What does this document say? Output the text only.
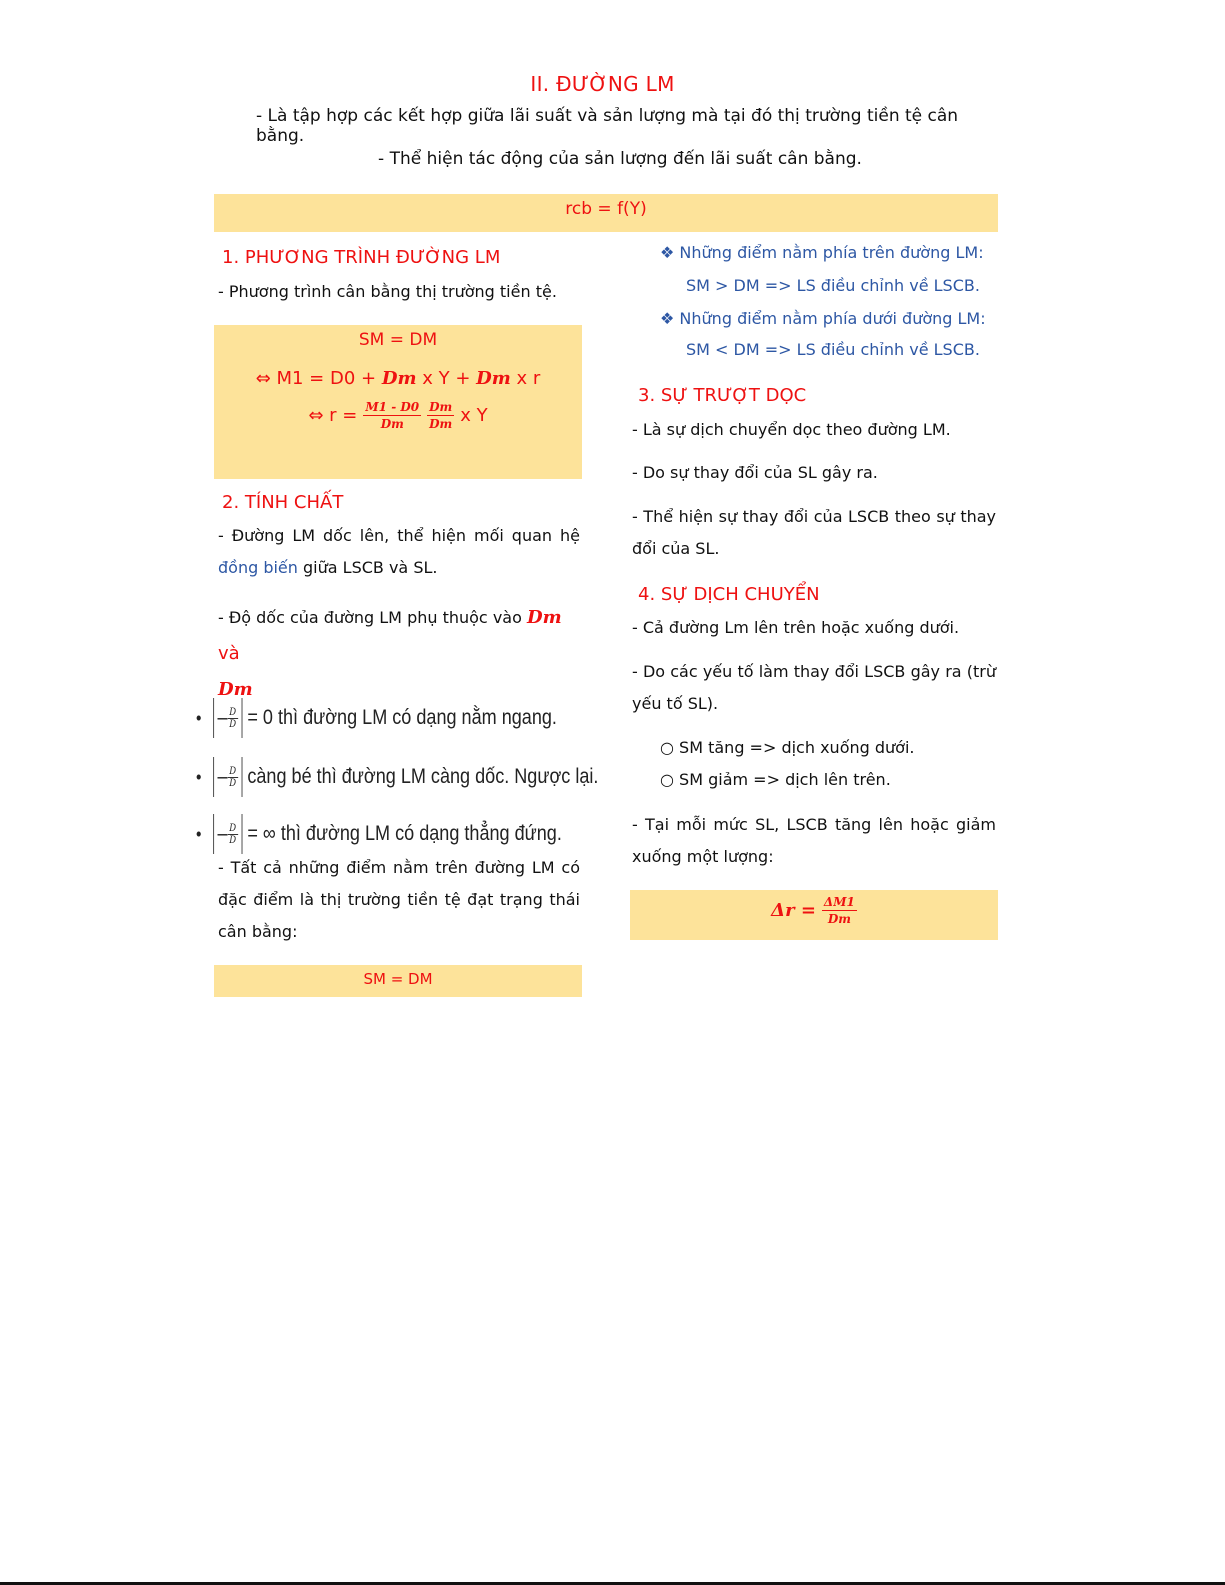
II. ĐƯỜNG LM
- Là tập hợp các kết hợp giữa lãi suất và sản lượng mà tại đó thị trường tiền tệ cân bằng.
- Thể hiện tác động của sản lượng đến lãi suất cân bằng.
rcb = f(Y)
1. PHƯƠNG TRÌNH ĐƯỜNG LM
- Phương trình cân bằng thị trường tiền tệ.
SM = DM
⇔ M1 = D0 + Dm x Y + Dm x r
⇔ $r = \frac{M1 - D0}{Dm} \frac{Dm}{Dm}$ x Y
2. TÍNH CHẤT
- Đường LM dốc lên, thể hiện mối quan hệ đồng biến giữa LSCB và SL.
- Độ dốc của đường LM phụ thuộc vào Dm và
Dm
• – $\frac{D}{D} = 0$ thì đường LM có dạng nằm ngang.
• – $\frac{D}{D}$ càng bé thì đường LM càng dốc. Ngược lại.
• – $\frac{D}{D}$ = ∞ thì đường LM có dạng thẳng đứng.
- Tất cả những điểm nằm trên đường LM có đặc điểm là thị trường tiền tệ đạt trạng thái cân bằng:
SM = DM
❖ Những điểm nằm phía trên đường LM:
SM > DM => LS điều chỉnh về LSCB.
❖ Những điểm nằm phía dưới đường LM:
SM < DM => LS điều chỉnh về LSCB.
3. SỰ TRƯỢT DỌC
- Là sự dịch chuyển dọc theo đường LM.
- Do sự thay đổi của SL gây ra.
- Thể hiện sự thay đổi của LSCB theo sự thay đổi của SL.
4. SỰ DỊCH CHUYỂN
- Cả đường Lm lên trên hoặc xuống dưới.
- Do các yếu tố làm thay đổi LSCB gây ra (trừ yếu tố SL).
○ SM tăng => dịch xuống dưới.
○ SM giảm => dịch lên trên.
- Tại mỗi mức SL, LSCB tăng lên hoặc giảm xuống một lượng:
$\Delta r = \frac{\Delta M1}{Dm}$
